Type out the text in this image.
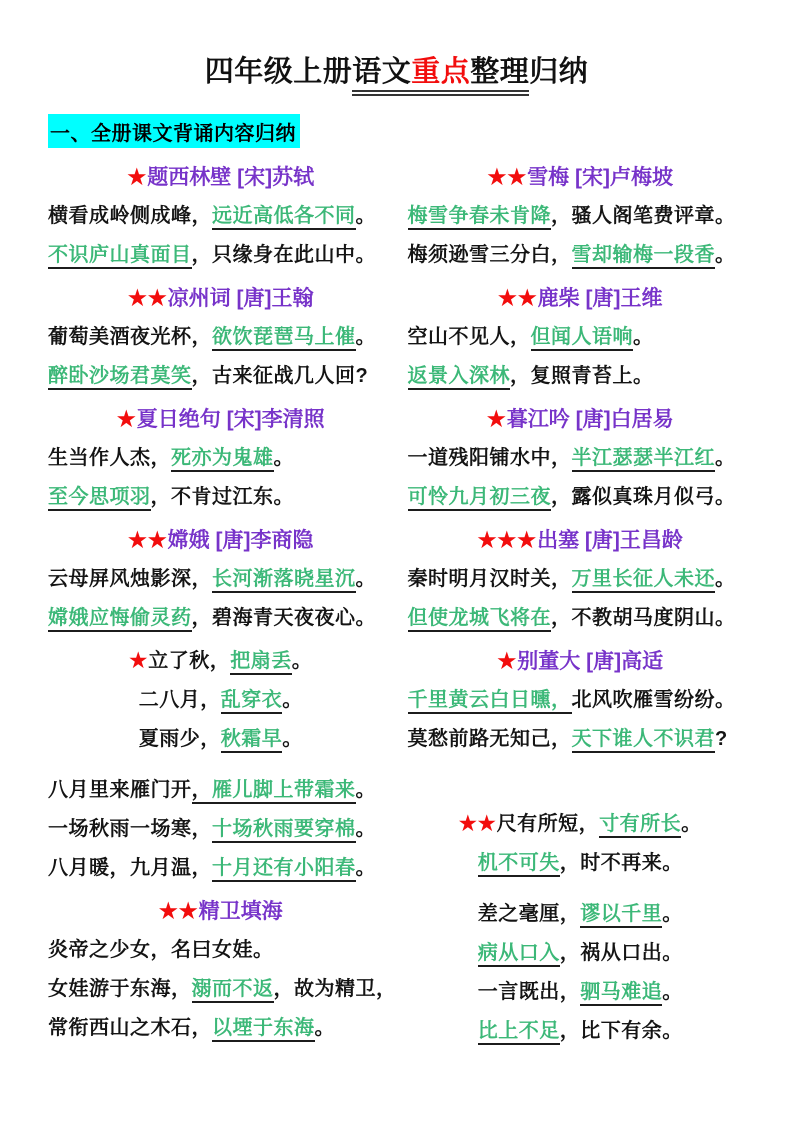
四年级上册语文重点整理归纳
一、全册课文背诵内容归纳
★题西林壁 [宋]苏轼
横看成岭侧成峰，远近高低各不同。
不识庐山真面目，只缘身在此山中。
★★凉州词 [唐]王翰
葡萄美酒夜光杯，欲饮琵琶马上催。
醉卧沙场君莫笑，古来征战几人回?
★夏日绝句 [宋]李清照
生当作人杰，死亦为鬼雄。
至今思项羽，不肯过江东。
★★嫦娥 [唐]李商隐
云母屏风烛影深，长河渐落晓星沉。
嫦娥应悔偷灵药，碧海青天夜夜心。
★立了秋，把扇丢。
二八月，乱穿衣。
夏雨少，秋霜早。
八月里来雁门开，雁儿脚上带霜来。
一场秋雨一场寒，十场秋雨要穿棉。
八月暖，九月温，十月还有小阳春。
★★精卫填海
炎帝之少女，名曰女娃。
女娃游于东海，溺而不返，故为精卫，
常衔西山之木石，以堙于东海。
★★雪梅 [宋]卢梅坡
梅雪争春未肯降，骚人阁笔费评章。
梅须逊雪三分白，雪却输梅一段香。
★★鹿柴 [唐]王维
空山不见人，但闻人语响。
返景入深林，复照青苔上。
★暮江吟 [唐]白居易
一道残阳铺水中，半江瑟瑟半江红。
可怜九月初三夜，露似真珠月似弓。
★★★出塞 [唐]王昌龄
秦时明月汉时关，万里长征人未还。
但使龙城飞将在，不教胡马度阴山。
★别董大 [唐]高适
千里黄云白日曛，北风吹雁雪纷纷。
莫愁前路无知己，天下谁人不识君?
★★尺有所短，寸有所长。
机不可失，时不再来。
差之毫厘，谬以千里。
病从口入，祸从口出。
一言既出，驷马难追。
比上不足，比下有余。
